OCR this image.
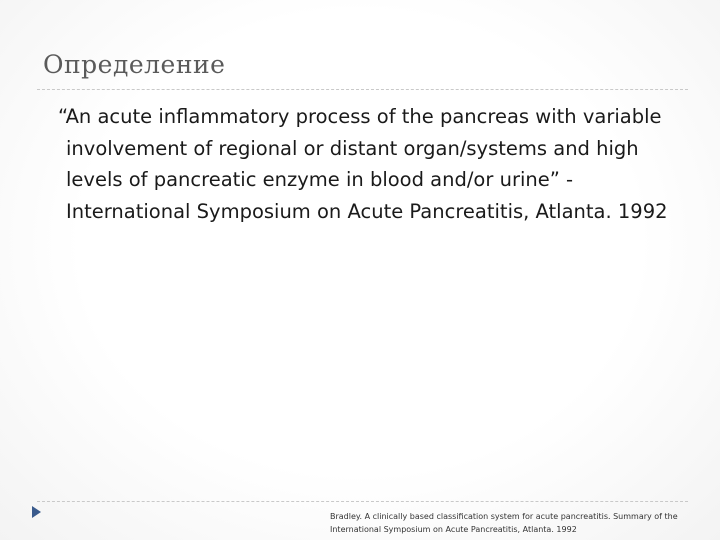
Определение
“An acute inflammatory process of the pancreas with variable involvement of regional or distant organ/systems and high levels of pancreatic enzyme in blood and/or urine” - International Symposium on Acute Pancreatitis, Atlanta. 1992
Bradley. A clinically based classification system for acute pancreatitis. Summary of the International Symposium on Acute Pancreatitis, Atlanta. 1992
